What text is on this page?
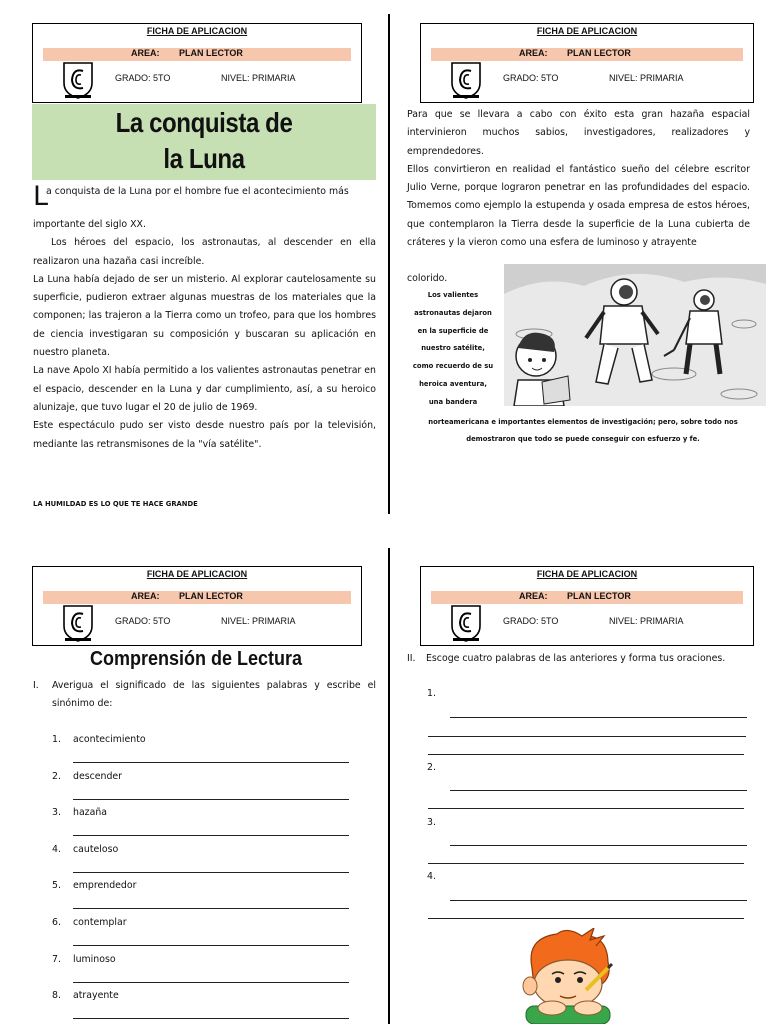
FICHA DE APLICACION
AREA: PLAN LECTOR
GRADO: 5TO	NIVEL: PRIMARIA
FICHA DE APLICACION
AREA: PLAN LECTOR
GRADO: 5TO	NIVEL: PRIMARIA
FICHA DE APLICACION
AREA: PLAN LECTOR
GRADO: 5TO	NIVEL: PRIMARIA
FICHA DE APLICACION
AREA: PLAN LECTOR
GRADO: 5TO	NIVEL: PRIMARIA
La conquista de
la Luna
L

a conquista de la Luna por el hombre fue el acontecimiento más

importante del siglo XX.

Los héroes del espacio, los astronautas, al descender en ella realizaron una hazaña casi increíble.

La Luna había dejado de ser un misterio. Al explorar cautelosamente su superficie, pudieron extraer algunas muestras de los materiales que la componen; las trajeron a la Tierra como un trofeo, para que los hombres de ciencia investigaran su composición y buscaran su aplicación en nuestro planeta.

La nave Apolo XI había permitido a los valientes astronautas penetrar en el espacio, descender en la Luna y dar cumplimiento, así, a su heroico alunizaje, que tuvo lugar el 20 de julio de 1969.

Este espectáculo pudo ser visto desde nuestro país por la televisión, mediante las retransmisones de la "vía satélite".

LA HUMILDAD ES LO QUE TE HACE GRANDE

Para que se llevara a cabo con éxito esta gran hazaña espacial intervinieron muchos sabios, investigadores, realizadores y emprendedores.

Ellos convirtieron en realidad el fantástico sueño del célebre escritor Julio Verne, porque lograron penetrar en las profundidades del espacio. Tomemos como ejemplo la estupenda y osada empresa de estos héroes, que contemplaron la Tierra desde la superficie de la Luna cubierta de cráteres y la vieron como una esfera de luminoso y atrayente

colorido.
Los valientes
astronautas dejaron
en la superficie de
nuestro satélite,
como recuerdo de su
heroica aventura,
una bandera
norteamericana e importantes elementos de investigación; pero, sobre todo nos
demostraron que todo se puede conseguir con esfuerzo y fe.
Comprensión de Lectura
I. Averigua el significado de las siguientes palabras y escribe el sinónimo de:
1.	acontecimiento
2.	descender
3.	hazaña
4.	cauteloso
5.	emprendedor
6.	contemplar
7.	luminoso
8.	atrayente
II. Escoge cuatro palabras de las anteriores y forma tus oraciones.
1.
2.
3.
4.
